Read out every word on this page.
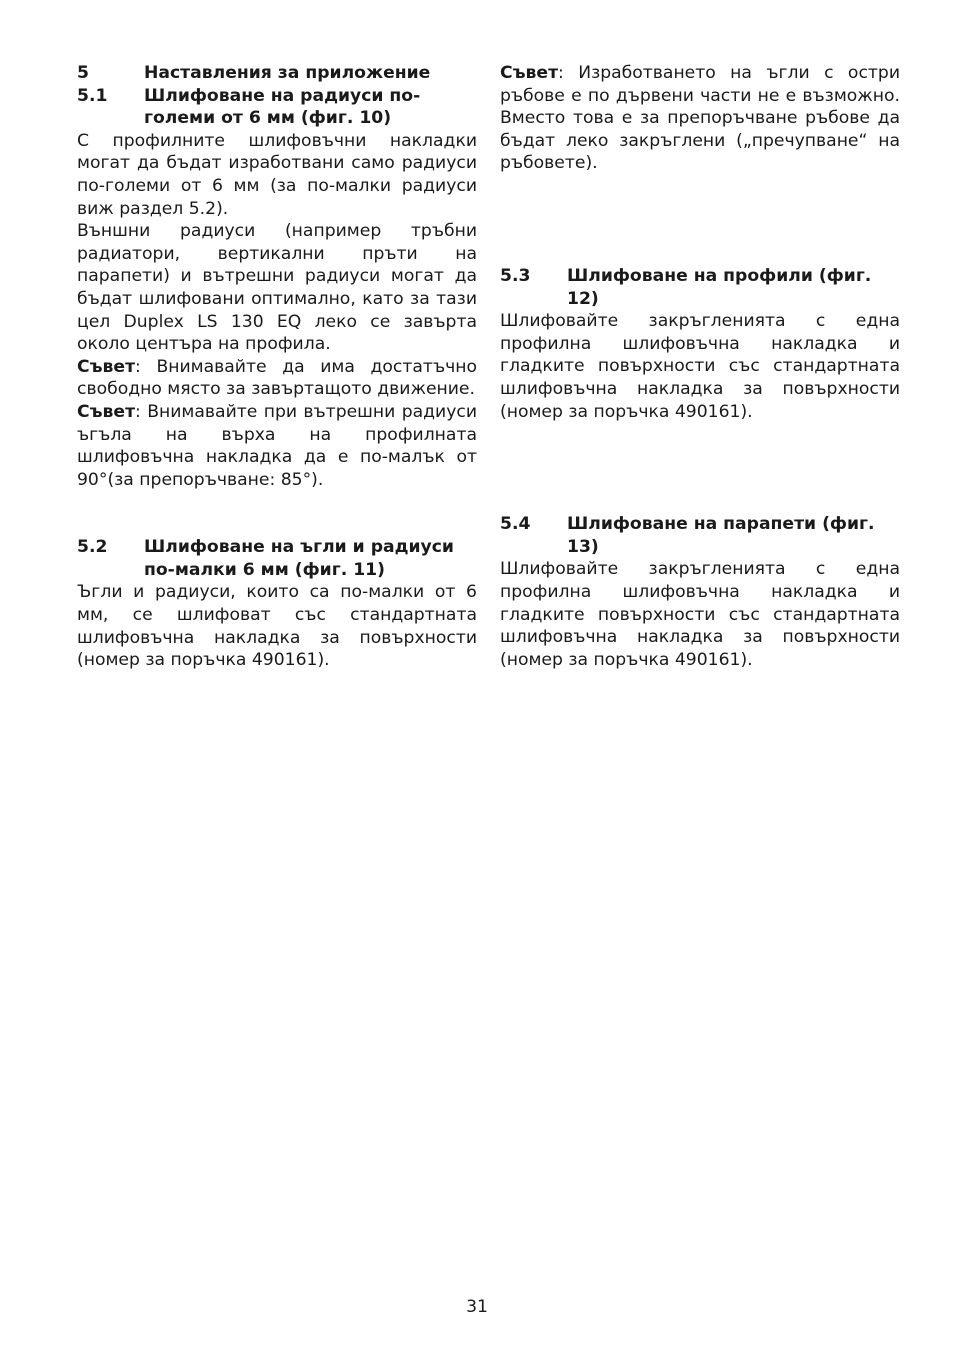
5	Наставления за приложение
5.1	Шлифоване на радиуси по-големи от 6 мм (фиг. 10)

С профилните шлифовъчни накладки могат да бъдат изработвани само радиуси по-големи от 6 мм (за по-малки радиуси виж раздел 5.2).

Външни радиуси (например тръбни радиатори, вертикални пръти на парапети) и вътрешни радиуси могат да бъдат шлифовани оптимално, като за тази цел Duplex LS 130 EQ леко се завърта около центъра на профила.

Съвет: Внимавайте да има достатъчно свободно място за завъртащото движение.

Съвет: Внимавайте при вътрешни радиуси ъгъла на върха на профилната шлифовъчна накладка да е по-малък от 90°(за препоръчване: 85°).

5.2	Шлифоване на ъгли и радиуси по-малки 6 мм (фиг. 11)

Ъгли и радиуси, които са по-малки от 6 мм, се шлифоват със стандартната шлифовъчна накладка за повърхности (номер за поръчка 490161).

Съвет: Изработването на ъгли с остри ръбове е по дървени части не е възможно. Вместо това е за препоръчване ръбове да бъдат леко закръглени („пречупване“ на ръбовете).

5.3	Шлифоване на профили (фиг. 12)

Шлифовайте закръгленията с една профилна шлифовъчна накладка и гладките повърхности със стандартната шлифовъчна накладка за повърхности (номер за поръчка 490161).

5.4	Шлифоване на парапети (фиг. 13)

Шлифовайте закръгленията с една профилна шлифовъчна накладка и гладките повърхности със стандартната шлифовъчна накладка за повърхности (номер за поръчка 490161).

31
